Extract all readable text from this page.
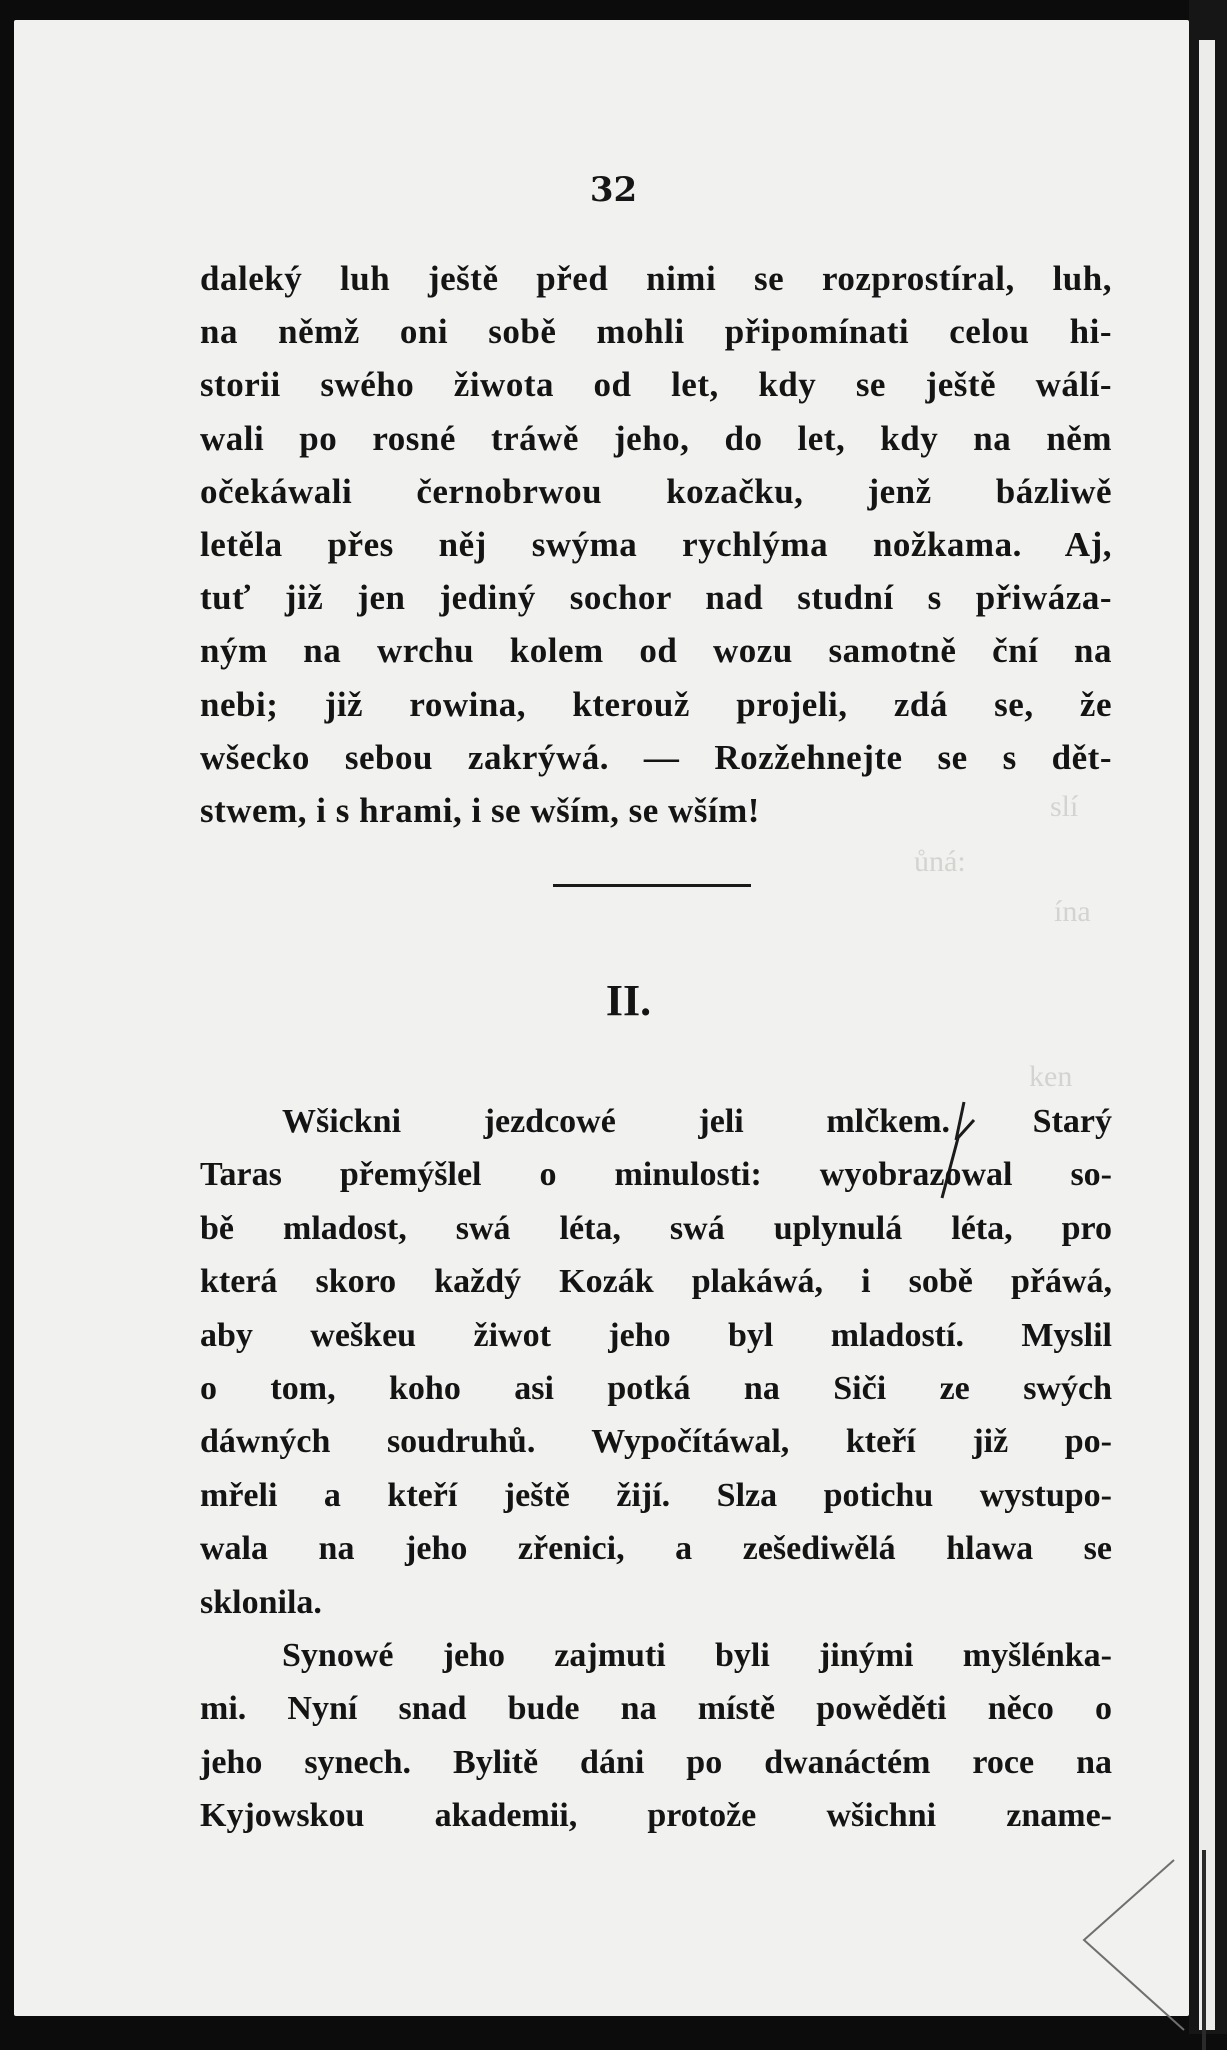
slí
ůná:
ína
ken
32
daleký luh ještě před nimi se rozprostíral, luh,
na němž oni sobě mohli připomínati celou hi-
storii swého žiwota od let, kdy se ještě wálí-
wali po rosné tráwě jeho, do let, kdy na něm
očekáwali černobrwou kozačku, jenž bázliwě
letěla přes něj swýma rychlýma nožkama. Aj,
tuť již jen jediný sochor nad studní s přiwáza-
ným na wrchu kolem od wozu samotně ční na
nebi; již rowina, kterouž projeli, zdá se, že
wšecko sebou zakrýwá. — Rozžehnejte se s dět-
stwem, i s hrami, i se wším, se wším!
II.
Wšickni jezdcowé jeli mlčkem. Starý
Taras přemýšlel o minulosti: wyobrazowal so-
bě mladost, swá léta, swá uplynulá léta, pro
která skoro každý Kozák plakáwá, i sobě přáwá,
aby weškeu žiwot jeho byl mladostí. Myslil
o tom, koho asi potká na Siči ze swých
dáwných soudruhů. Wypočítáwal, kteří již po-
mřeli a kteří ještě žijí. Slza potichu wystupo-
wala na jeho zřenici, a zešediwělá hlawa se
sklonila.
Synowé jeho zajmuti byli jinými myšlénka-
mi. Nyní snad bude na místě powěděti něco o
jeho synech. Bylitě dáni po dwanáctém roce na
Kyjowskou akademii, protože wšichni zname-
